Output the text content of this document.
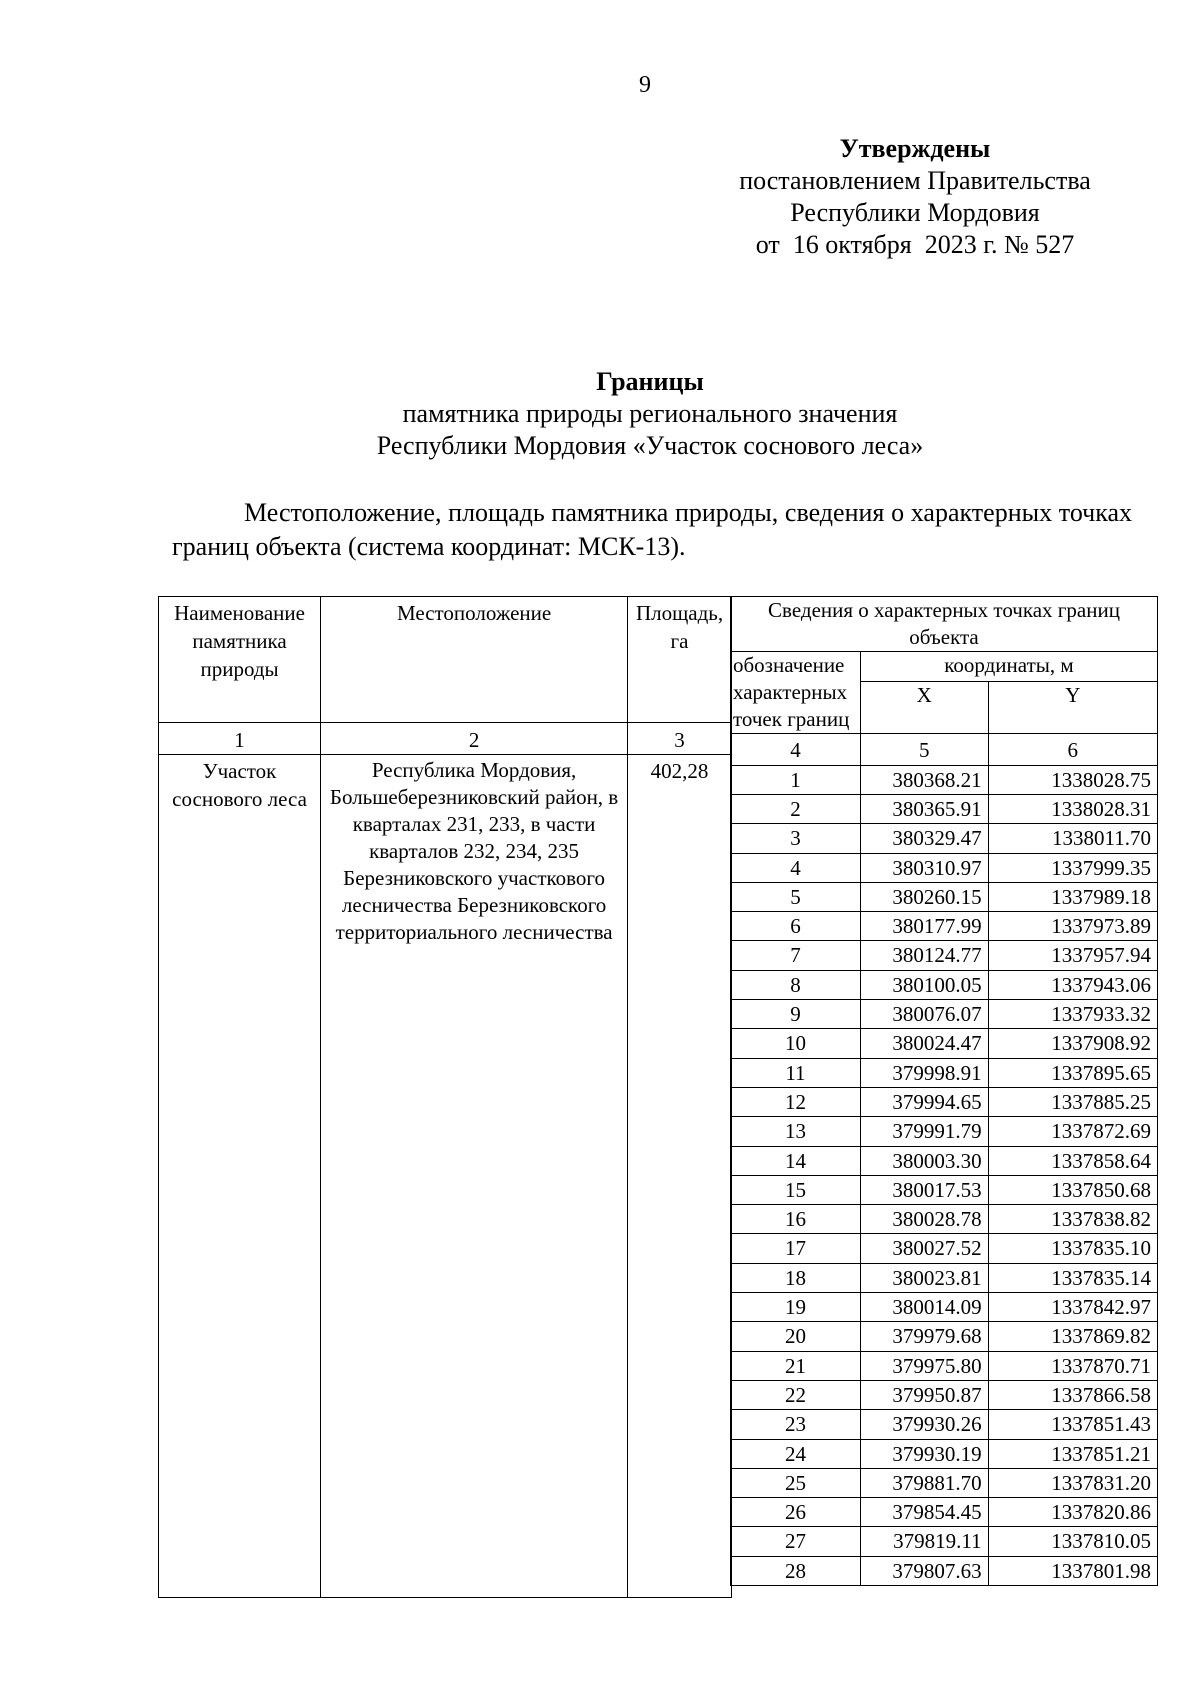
9
Утверждены
постановлением Правительства
Республики Мордовия
от  16 октября  2023 г. № 527
Границы
памятника природы регионального значения
Республики Мордовия «Участок соснового леса»
Местоположение, площадь памятника природы, сведения о характерных точках границ объекта (система координат: МСК-13).
Наименование памятника природы	Местоположение	Площадь, га
1	2	3
Участок соснового леса	Республика Мордовия, Большеберезниковский район, в кварталах 231, 233, в части кварталов 232, 234, 235 Березниковского участкового лесничества Березниковского территориального лесничества	402,28
Сведения о характерных точках границ объекта		
обозначение характерных точек границ	координаты, м	
	X	Y
4	5	6
1	380368.21	1338028.75
2	380365.91	1338028.31
3	380329.47	1338011.70
4	380310.97	1337999.35
5	380260.15	1337989.18
6	380177.99	1337973.89
7	380124.77	1337957.94
8	380100.05	1337943.06
9	380076.07	1337933.32
10	380024.47	1337908.92
11	379998.91	1337895.65
12	379994.65	1337885.25
13	379991.79	1337872.69
14	380003.30	1337858.64
15	380017.53	1337850.68
16	380028.78	1337838.82
17	380027.52	1337835.10
18	380023.81	1337835.14
19	380014.09	1337842.97
20	379979.68	1337869.82
21	379975.80	1337870.71
22	379950.87	1337866.58
23	379930.26	1337851.43
24	379930.19	1337851.21
25	379881.70	1337831.20
26	379854.45	1337820.86
27	379819.11	1337810.05
28	379807.63	1337801.98
